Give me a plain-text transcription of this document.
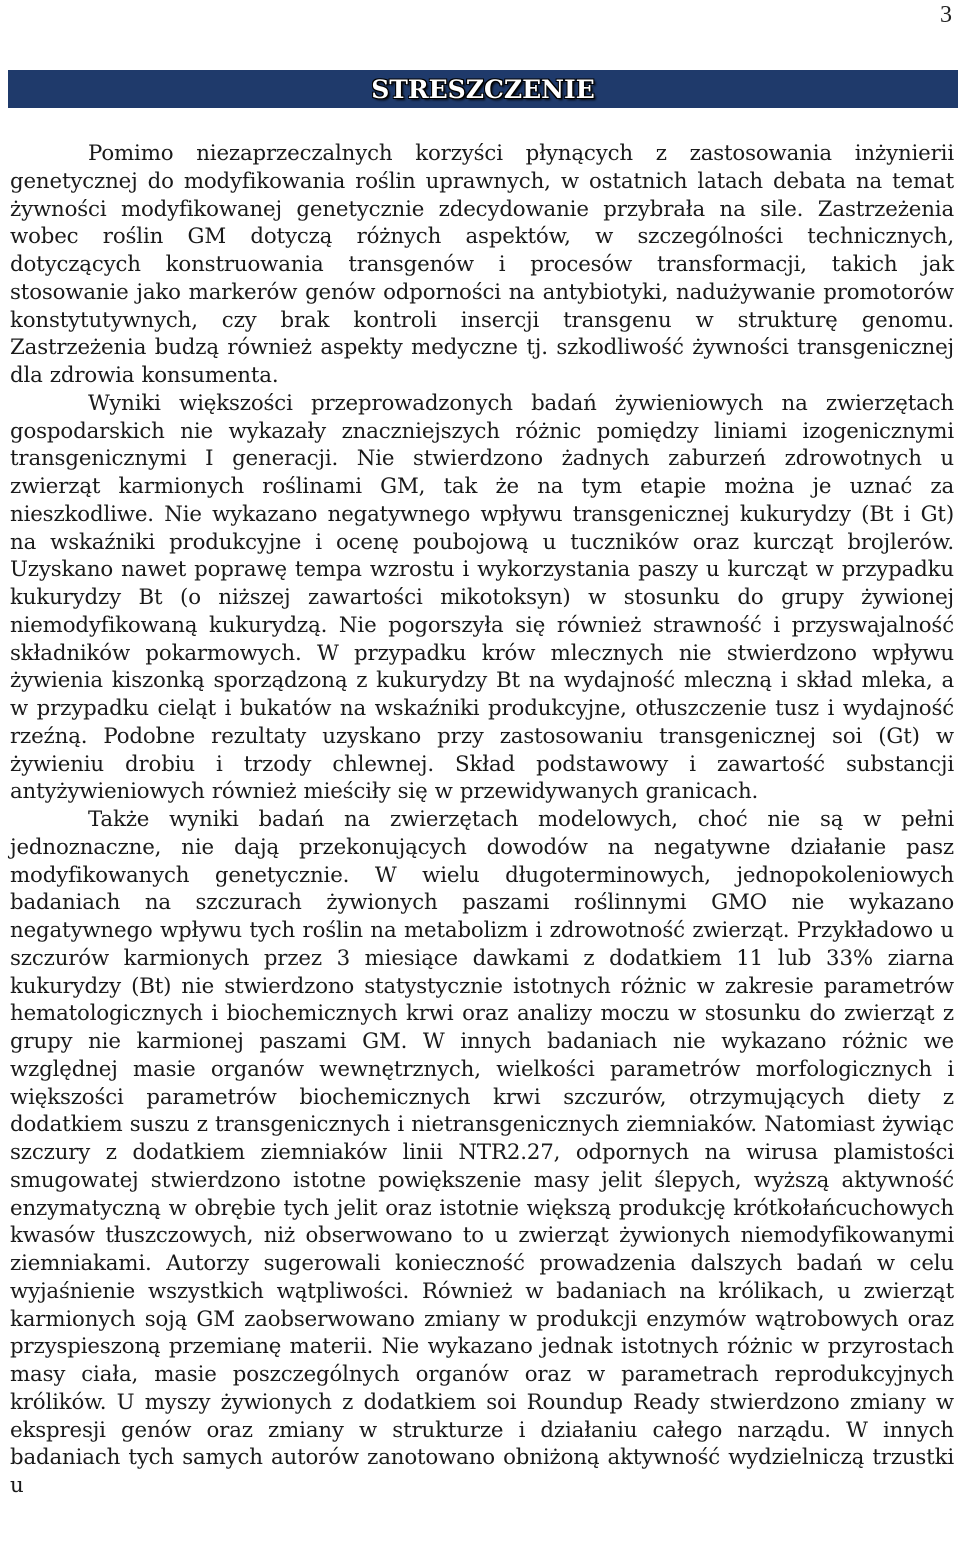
3
STRESZCZENIE

Pomimo niezaprzeczalnych korzyści płynących z zastosowania inżynierii genetycznej do modyfikowania roślin uprawnych, w ostatnich latach debata na temat żywności modyfikowanej genetycznie zdecydowanie przybrała na sile. Zastrzeżenia wobec roślin GM dotyczą różnych aspektów, w szczególności technicznych, dotyczących konstruowania transgenów i procesów transformacji, takich jak stosowanie jako markerów genów odporności na antybiotyki, nadużywanie promotorów konstytutywnych, czy brak kontroli insercji transgenu w strukturę genomu. Zastrzeżenia budzą również aspekty medyczne tj. szkodliwość żywności transgenicznej dla zdrowia konsumenta.

Wyniki większości przeprowadzonych badań żywieniowych na zwierzętach gospodarskich nie wykazały znaczniejszych różnic pomiędzy liniami izogenicznymi transgenicznymi I generacji. Nie stwierdzono żadnych zaburzeń zdrowotnych u zwierząt karmionych roślinami GM, tak że na tym etapie można je uznać za nieszkodliwe. Nie wykazano negatywnego wpływu transgenicznej kukurydzy (Bt i Gt) na wskaźniki produkcyjne i ocenę poubojową u tuczników oraz kurcząt brojlerów. Uzyskano nawet poprawę tempa wzrostu i wykorzystania paszy u kurcząt w przypadku kukurydzy Bt (o niższej zawartości mikotoksyn) w stosunku do grupy żywionej niemodyfikowaną kukurydzą. Nie pogorszyła się również strawność i przyswajalność składników pokarmowych. W przypadku krów mlecznych nie stwierdzono wpływu żywienia kiszonką sporządzoną z kukurydzy Bt na wydajność mleczną i skład mleka, a w przypadku cieląt i bukatów na wskaźniki produkcyjne, otłuszczenie tusz i wydajność rzeźną. Podobne rezultaty uzyskano przy zastosowaniu transgenicznej soi (Gt) w żywieniu drobiu i trzody chlewnej. Skład podstawowy i zawartość substancji antyżywieniowych również mieściły się w przewidywanych granicach.

Także wyniki badań na zwierzętach modelowych, choć nie są w pełni jednoznaczne, nie dają przekonujących dowodów na negatywne działanie pasz modyfikowanych genetycznie. W wielu długoterminowych, jednopokoleniowych badaniach na szczurach żywionych paszami roślinnymi GMO nie wykazano negatywnego wpływu tych roślin na metabolizm i zdrowotność zwierząt. Przykładowo u szczurów karmionych przez 3 miesiące dawkami z dodatkiem 11 lub 33% ziarna kukurydzy (Bt) nie stwierdzono statystycznie istotnych różnic w zakresie parametrów hematologicznych i biochemicznych krwi oraz analizy moczu w stosunku do zwierząt z grupy nie karmionej paszami GM. W innych badaniach nie wykazano różnic we względnej masie organów wewnętrznych, wielkości parametrów morfologicznych i większości parametrów biochemicznych krwi szczurów, otrzymujących diety z dodatkiem suszu z transgenicznych i nietransgenicznych ziemniaków. Natomiast żywiąc szczury z dodatkiem ziemniaków linii NTR2.27, odpornych na wirusa plamistości smugowatej stwierdzono istotne powiększenie masy jelit ślepych, wyższą aktywność enzymatyczną w obrębie tych jelit oraz istotnie większą produkcję krótkołańcuchowych kwasów tłuszczowych, niż obserwowano to u zwierząt żywionych niemodyfikowanymi ziemniakami. Autorzy sugerowali konieczność prowadzenia dalszych badań w celu wyjaśnienie wszystkich wątpliwości. Również w badaniach na królikach, u zwierząt karmionych soją GM zaobserwowano zmiany w produkcji enzymów wątrobowych oraz przyspieszoną przemianę materii. Nie wykazano jednak istotnych różnic w przyrostach masy ciała, masie poszczególnych organów oraz w parametrach reprodukcyjnych królików. U myszy żywionych z dodatkiem soi Roundup Ready stwierdzono zmiany w ekspresji genów oraz zmiany w strukturze i działaniu całego narządu. W innych badaniach tych samych autorów zanotowano obniżoną aktywność wydzielniczą trzustki u
